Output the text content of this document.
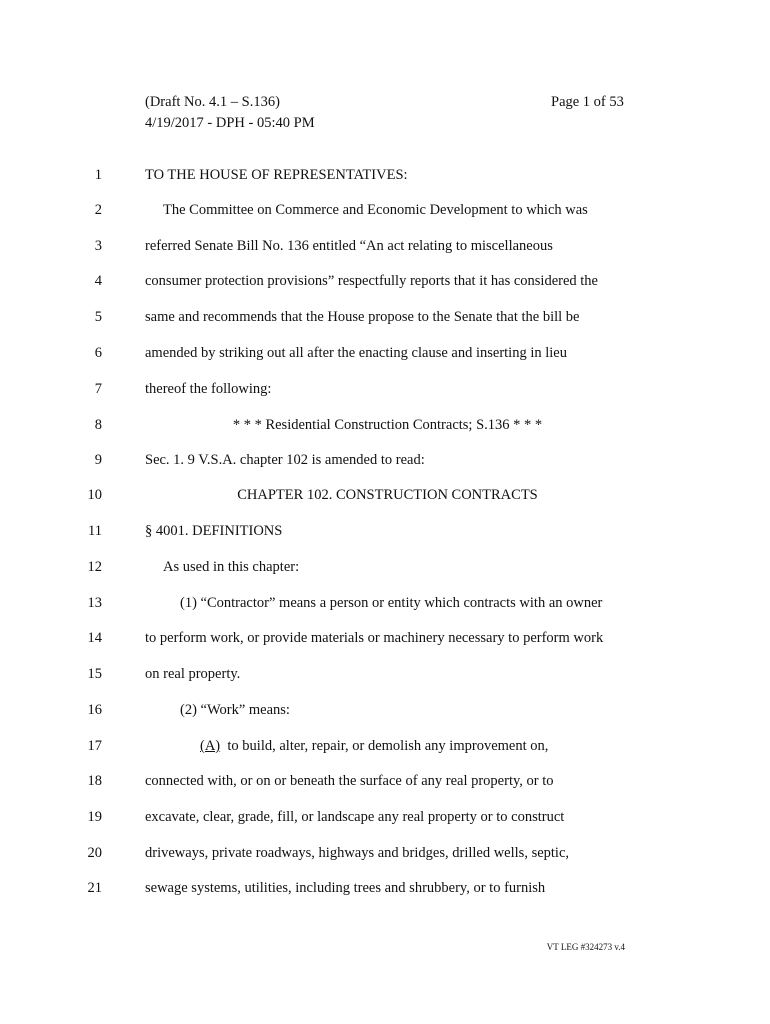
(Draft No. 4.1 – S.136)
4/19/2017 - DPH - 05:40 PM
Page 1 of 53
1	TO THE HOUSE OF REPRESENTATIVES:
2	The Committee on Commerce and Economic Development to which was
3	referred Senate Bill No. 136 entitled “An act relating to miscellaneous
4	consumer protection provisions” respectfully reports that it has considered the
5	same and recommends that the House propose to the Senate that the bill be
6	amended by striking out all after the enacting clause and inserting in lieu
7	thereof the following:
8	* * * Residential Construction Contracts; S.136 * * *
9	Sec. 1. 9 V.S.A. chapter 102 is amended to read:
10	CHAPTER 102. CONSTRUCTION CONTRACTS
11	§ 4001. DEFINITIONS
12	As used in this chapter:
13	(1) “Contractor” means a person or entity which contracts with an owner
14	to perform work, or provide materials or machinery necessary to perform work
15	on real property.
16	(2) “Work” means:
17	(A)  to build, alter, repair, or demolish any improvement on,
18	connected with, or on or beneath the surface of any real property, or to
19	excavate, clear, grade, fill, or landscape any real property or to construct
20	driveways, private roadways, highways and bridges, drilled wells, septic,
21	sewage systems, utilities, including trees and shrubbery, or to furnish
VT LEG #324273 v.4
